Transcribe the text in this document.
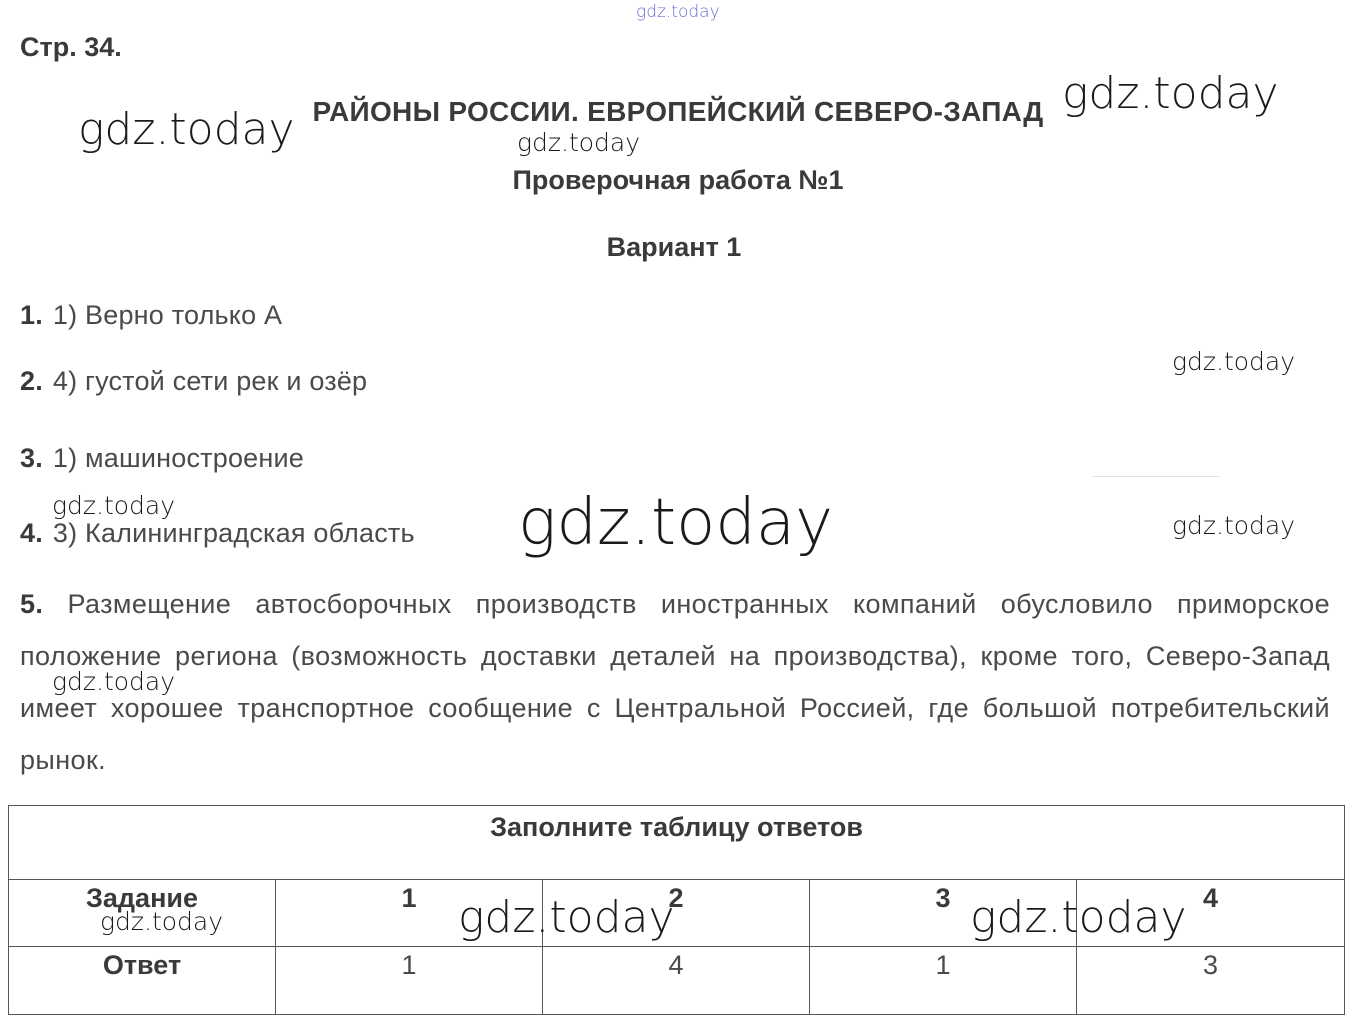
gdz.today
Стр. 34.
РАЙОНЫ РОССИИ. ЕВРОПЕЙСКИЙ СЕВЕРО-ЗАПАД
Проверочная работа №1
Вариант 1
1. 1) Верно только А
2. 4) густой сети рек и озёр
3. 1) машиностроение
4. 3) Калининградская область
5. Размещение автосборочных производств иностранных компаний обусловило приморское положение региона (возможность доставки деталей на производства), кроме того, Северо-Запад имеет хорошее транспортное сообщение с Центральной Россией, где большой потребительский рынок.
Заполните таблицу ответов				
Задание	1	2	3	4
Ответ	1	4	1	3
gdz.today
gdz.today
gdz.today
gdz.today
gdz.today	gdz.today	gdz.today
gdz.today
gdz.today	gdz.today	gdz.today
